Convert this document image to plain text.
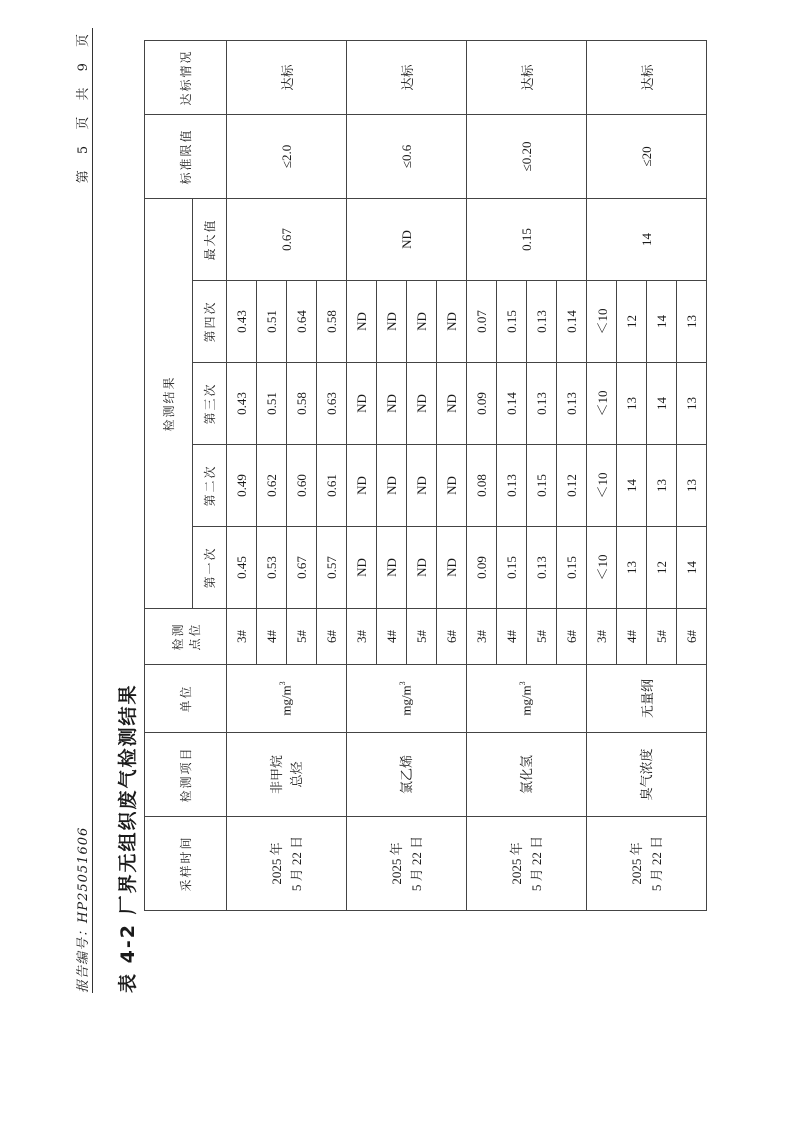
报告编号：HP25051606
第 5 页 共 9 页
表 4-2 厂界无组织废气检测结果	采样时间	检测项目	单位	检测 点位	检测结果					标准限值	达标情况
				第一次	第二次	第三次	第四次	最大值		

2025 年 5 月 22 日	非甲烷 总烃	$mg/m^3$	3#	0.45	0.49	0.43	0.43	0.67	≤2.0	达标
			4#	0.53	0.62	0.51	0.51			
			5#	0.67	0.60	0.58	0.64			
			6#	0.57	0.61	0.63	0.58			

2025 年 5 月 22 日	氯乙烯	$mg/m^3$	3#	ND	ND	ND	ND	ND	≤0.6	达标
			4#	ND	ND	ND	ND			
			5#	ND	ND	ND	ND			
			6#	ND	ND	ND	ND			

2025 年 5 月 22 日	氯化氢	$mg/m^3$	3#	0.09	0.08	0.09	0.07	0.15	≤0.20	达标
			4#	0.15	0.13	0.14	0.15			
			5#	0.13	0.15	0.13	0.13			
			6#	0.15	0.12	0.13	0.14			

2025 年 5 月 22 日	臭气浓度	无量纲	3#	＜10	＜10	＜10	＜10	14	≤20	达标
			4#	13	14	13	12			
			5#	12	13	14	14			
			6#	14	13	13	13			
